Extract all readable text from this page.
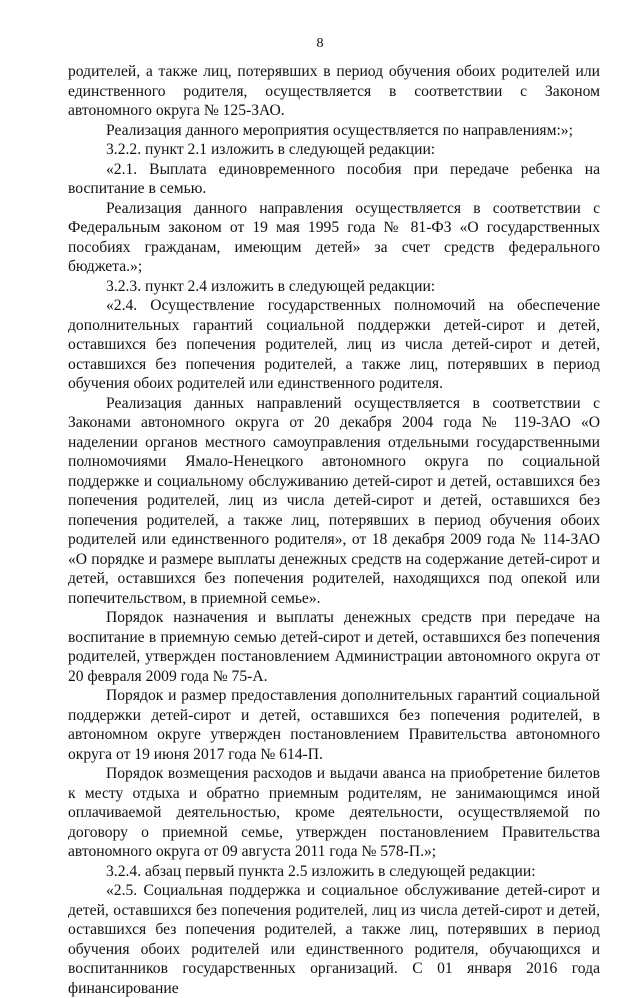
8

родителей, а также лиц, потерявших в период обучения обоих родителей или единственного родителя, осуществляется в соответствии с Законом автономного округа № 125-ЗАО.

Реализация данного мероприятия осуществляется по направлениям:»;

3.2.2. пункт 2.1 изложить в следующей редакции:

«2.1. Выплата единовременного пособия при передаче ребенка на воспитание в семью.

Реализация данного направления осуществляется в соответствии с Федеральным законом от 19 мая 1995 года № 81-ФЗ «О государственных пособиях гражданам, имеющим детей» за счет средств федерального бюджета.»;

3.2.3. пункт 2.4 изложить в следующей редакции:

«2.4. Осуществление государственных полномочий на обеспечение дополнительных гарантий социальной поддержки детей-сирот и детей, оставшихся без попечения родителей, лиц из числа детей-сирот и детей, оставшихся без попечения родителей, а также лиц, потерявших в период обучения обоих родителей или единственного родителя.

Реализация данных направлений осуществляется в соответствии с Законами автономного округа от 20 декабря 2004 года № 119-ЗАО «О наделении органов местного самоуправления отдельными государственными полномочиями Ямало-Ненецкого автономного округа по социальной поддержке и социальному обслуживанию детей-сирот и детей, оставшихся без попечения родителей, лиц из числа детей-сирот и детей, оставшихся без попечения родителей, а также лиц, потерявших в период обучения обоих родителей или единственного родителя», от 18 декабря 2009 года № 114-ЗАО «О порядке и размере выплаты денежных средств на содержание детей-сирот и детей, оставшихся без попечения родителей, находящихся под опекой или попечительством, в приемной семье».

Порядок назначения и выплаты денежных средств при передаче на воспитание в приемную семью детей-сирот и детей, оставшихся без попечения родителей, утвержден постановлением Администрации автономного округа от 20 февраля 2009 года № 75-А.

Порядок и размер предоставления дополнительных гарантий социальной поддержки детей-сирот и детей, оставшихся без попечения родителей, в автономном округе утвержден постановлением Правительства автономного округа от 19 июня 2017 года № 614-П.

Порядок возмещения расходов и выдачи аванса на приобретение билетов к месту отдыха и обратно приемным родителям, не занимающимся иной оплачиваемой деятельностью, кроме деятельности, осуществляемой по договору о приемной семье, утвержден постановлением Правительства автономного округа от 09 августа 2011 года № 578-П.»;

3.2.4. абзац первый пункта 2.5 изложить в следующей редакции:

«2.5. Социальная поддержка и социальное обслуживание детей-сирот и детей, оставшихся без попечения родителей, лиц из числа детей-сирот и детей, оставшихся без попечения родителей, а также лиц, потерявших в период обучения обоих родителей или единственного родителя, обучающихся и воспитанников государственных организаций. С 01 января 2016 года финансирование
